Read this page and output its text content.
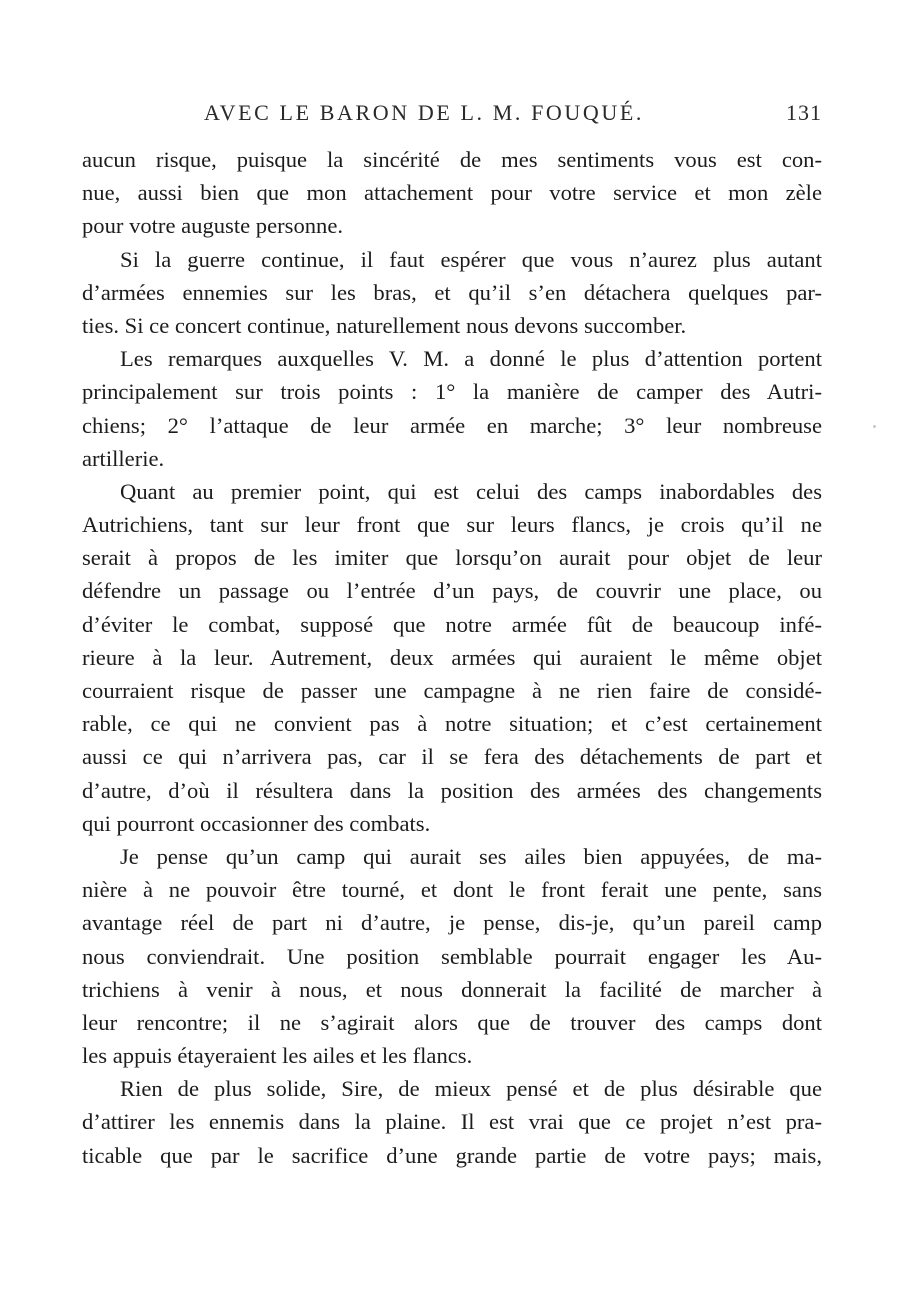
AVEC LE BARON DE L. M. FOUQUÉ.	131
aucun risque, puisque la sincérité de mes sentiments vous est con-
nue, aussi bien que mon attachement pour votre service et mon zèle
pour votre auguste personne.
Si la guerre continue, il faut espérer que vous n’aurez plus autant
d’armées ennemies sur les bras, et qu’il s’en détachera quelques par-
ties. Si ce concert continue, naturellement nous devons succomber.
Les remarques auxquelles V. M. a donné le plus d’attention portent
principalement sur trois points : 1° la manière de camper des Autri-
chiens; 2° l’attaque de leur armée en marche; 3° leur nombreuse
artillerie.
Quant au premier point, qui est celui des camps inabordables des
Autrichiens, tant sur leur front que sur leurs flancs, je crois qu’il ne
serait à propos de les imiter que lorsqu’on aurait pour objet de leur
défendre un passage ou l’entrée d’un pays, de couvrir une place, ou
d’éviter le combat, supposé que notre armée fût de beaucoup infé-
rieure à la leur. Autrement, deux armées qui auraient le même objet
courraient risque de passer une campagne à ne rien faire de considé-
rable, ce qui ne convient pas à notre situation; et c’est certainement
aussi ce qui n’arrivera pas, car il se fera des détachements de part et
d’autre, d’où il résultera dans la position des armées des changements
qui pourront occasionner des combats.
Je pense qu’un camp qui aurait ses ailes bien appuyées, de ma-
nière à ne pouvoir être tourné, et dont le front ferait une pente, sans
avantage réel de part ni d’autre, je pense, dis-je, qu’un pareil camp
nous conviendrait. Une position semblable pourrait engager les Au-
trichiens à venir à nous, et nous donnerait la facilité de marcher à
leur rencontre; il ne s’agirait alors que de trouver des camps dont
les appuis étayeraient les ailes et les flancs.
Rien de plus solide, Sire, de mieux pensé et de plus désirable que
d’attirer les ennemis dans la plaine. Il est vrai que ce projet n’est pra-
ticable que par le sacrifice d’une grande partie de votre pays; mais,
